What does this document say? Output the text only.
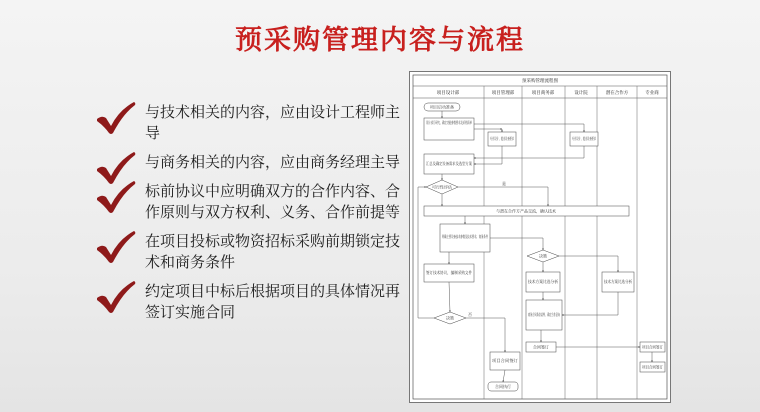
预采购管理内容与流程

与技术相关的内容，应由设计工程师主导

与商务相关的内容，应由商务经理主导

标前协议中应明确双方的合作内容、合作原则与双方权利、义务、合作前提等

在项目投标或物资招标采购前期锁定技术和商务条件

约定项目中标后根据项目的具体情况再签订实施合同

预采购管理流程图
项目设计部	项目管理部	项目商务部	设计院	潜在合作方	专业商
项目启动准备
设计部门研究，确定功能参数要求及采购清单
专业设计，提出设备要求	专业设计，提出设备要求
汇总及确定设备需求及选型方案
可行性评估
与潜在合作方产品交流，确认技术
明确主要设备技术参数及技术要求，商务条件
签订技术协议，编制采购文件
决策
技术方案比选分析	技术方案比选分析
决策
商务合同条款谈判，确定合作意向
合同签订
项目合同签订
项目合同签订
项目合同签订
合同执行
是
否
